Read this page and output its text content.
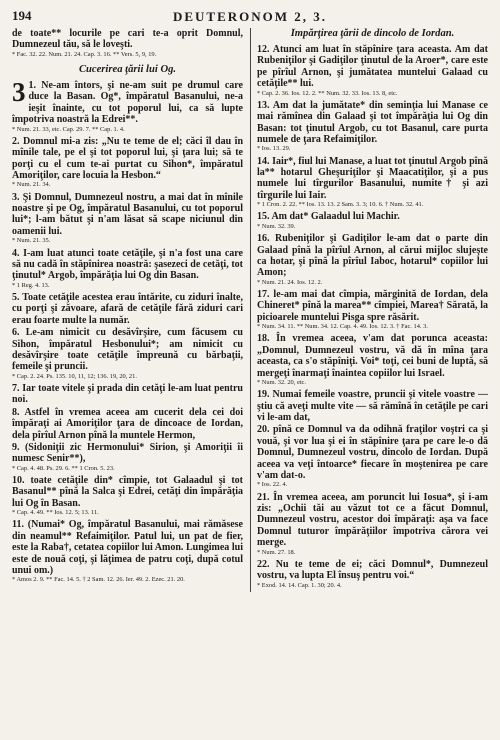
194	DEUTERONOM 2, 3.

de toate** locurile pe cari te-a oprit Domnul, Dumnezeul tău, să le loveşti.

* Fac. 32. 22. Num. 21. 24. Cap. 3. 16. ** Vers. 5, 9, 19.

Cucerirea ţării lui Og.

3 1. Ne-am întors, şi ne-am suit pe drumul care duce la Basan. Og*, împăratul Basanului, ne-a ieşit înainte, cu tot poporul lui, ca să lupte împotriva noastră la Edrei**.

* Num. 21. 33, etc. Cap. 29. 7. ** Cap. 1. 4.

2. Domnul mi-a zis: „Nu te teme de el; căci îl dau în mînile tale, pe el şi tot poporul lui, şi ţara lui; să te porţi cu el cum te-ai purtat cu Sihon*, împăratul Amoriţilor, care locuia la Hesbon.“

* Num. 21. 34.

3. Şi Domnul, Dumnezeul nostru, a mai dat în mînile noastre şi pe Og, împăratul Basanului, cu tot poporul lui*; l-am bătut şi n'am lăsat să scape niciunul din oamenii lui.

* Num. 21. 35.

4. I-am luat atunci toate cetăţile, şi n'a fost una care să nu cadă în stăpînirea noastră: şasezeci de cetăţi, tot ţinutul* Argob, împărăţia lui Og din Basan.

* 1 Reg. 4. 13.

5. Toate cetăţile acestea erau întărite, cu ziduri înalte, cu porţi şi zăvoare, afară de cetăţile fără ziduri cari erau foarte multe la număr.

6. Le-am nimicit cu desăvîrşire, cum făcusem cu Sihon, împăratul Hesbonului*; am nimicit cu desăvîrşire toate cetăţile împreună cu bărbaţii, femeile şi pruncii.

* Cap. 2. 24. Ps. 135. 10, 11, 12; 136. 19, 20, 21.

7. Iar toate vitele şi prada din cetăţi le-am luat pentru noi.

8. Astfel în vremea aceea am cucerit dela cei doi împăraţi ai Amoriţilor ţara de dincoace de Iordan, dela pîrîul Arnon pînă la muntele Hermon,

9. (Sidoniţii zic Hermonului* Sirion, şi Amoriţii îi numesc Senir**),

* Cap. 4. 48. Ps. 29. 6. ** 1 Cron. 5. 23.

10. toate cetăţile din* cîmpie, tot Galaadul şi tot Basanul** pînă la Salca şi Edrei, cetăţi din împărăţia lui Og în Basan.

* Cap. 4. 49. ** Ios. 12. 5; 13. 11.

11. (Numai* Og, împăratul Basanului, mai rămăsese din neamul** Refaimiţilor. Patul lui, un pat de fier, este la Raba†, cetatea copiilor lui Amon. Lungimea lui este de nouă coţi, şi lăţimea de patru coţi, după cotul unui om.)

* Amos 2. 9. ** Fac. 14. 5. † 2 Sam. 12. 26. Ier. 49. 2. Ezec. 21. 20.

Împărţirea ţării de dincolo de Iordan.

12. Atunci am luat în stăpînire ţara aceasta. Am dat Rubeniţilor şi Gadiţilor ţinutul de la Aroer*, care este pe pîrîul Arnon, şi jumătatea muntelui Galaad cu cetăţile** lui.

* Cap. 2. 36. Ios. 12. 2. ** Num. 32. 33. Ios. 13. 8, etc.

13. Am dat la jumătate* din seminţia lui Manase ce mai rămînea din Galaad şi tot împărăţia lui Og din Basan: tot ţinutul Argob, cu tot Basanul, care purta numele de ţara Refaimiţilor.

* Ios. 13. 29.

14. Iair*, fiul lui Manase, a luat tot ţinutul Argob pînă la** hotarul Gheşuriţilor şi Maacatiţilor, şi a pus numele lui tîrgurilor Basanului, numite† şi azi tîrgurile lui Iair.

* 1 Cron. 2. 22. ** Ios. 13. 13. 2 Sam. 3. 3; 10. 6. † Num. 32. 41.

15. Am dat* Galaadul lui Machir.

* Num. 32. 39.

16. Rubeniţilor şi Gadiţilor le-am dat o parte din Galaad pînă la pîrîul Arnon, al cărui mijloc slujeşte ca hotar, şi pînă la pîrîul Iaboc, hotarul* copiilor lui Amon;

* Num. 21. 24. Ios. 12. 2.

17. le-am mai dat cîmpia, mărginită de Iordan, dela Chineret* pînă la marea** cîmpiei, Marea† Sărată, la picioarele muntelui Pisga spre răsărit.

* Num. 34. 11. ** Num. 34. 12. Cap. 4. 49. Ios. 12. 3. † Fac. 14. 3.

18. În vremea aceea, v'am dat porunca aceasta: „Domnul, Dumnezeul vostru, vă dă în mîna ţara aceasta, ca s'o stăpîniţi. Voi* toţi, cei buni de luptă, să mergeţi înarmaţi înaintea copiilor lui Israel.

* Num. 32. 20, etc.

19. Numai femeile voastre, pruncii şi vitele voastre — ştiu că aveţi multe vite — să rămînă în cetăţile pe cari vi le-am dat,

20. pînă ce Domnul va da odihnă fraţilor voştri ca şi vouă, şi vor lua şi ei în stăpînire ţara pe care le-o dă Domnul, Dumnezeul vostru, dincolo de Iordan. După aceea va veţi întoarce* fiecare în moştenirea pe care v'am dat-o.

* Ios. 22. 4.

21. În vremea aceea, am poruncit lui Iosua*, şi i-am zis: „Ochii tăi au văzut tot ce a făcut Domnul, Dumnezeul vostru, acestor doi împăraţi: aşa va face Domnul tuturor împărăţiilor împotriva cărora vei merge.

* Num. 27. 18.

22. Nu te teme de ei; căci Domnul*, Dumnezeul vostru, va lupta El însuş pentru voi.“

* Exod. 14. 14. Cap. 1. 30; 20. 4.
